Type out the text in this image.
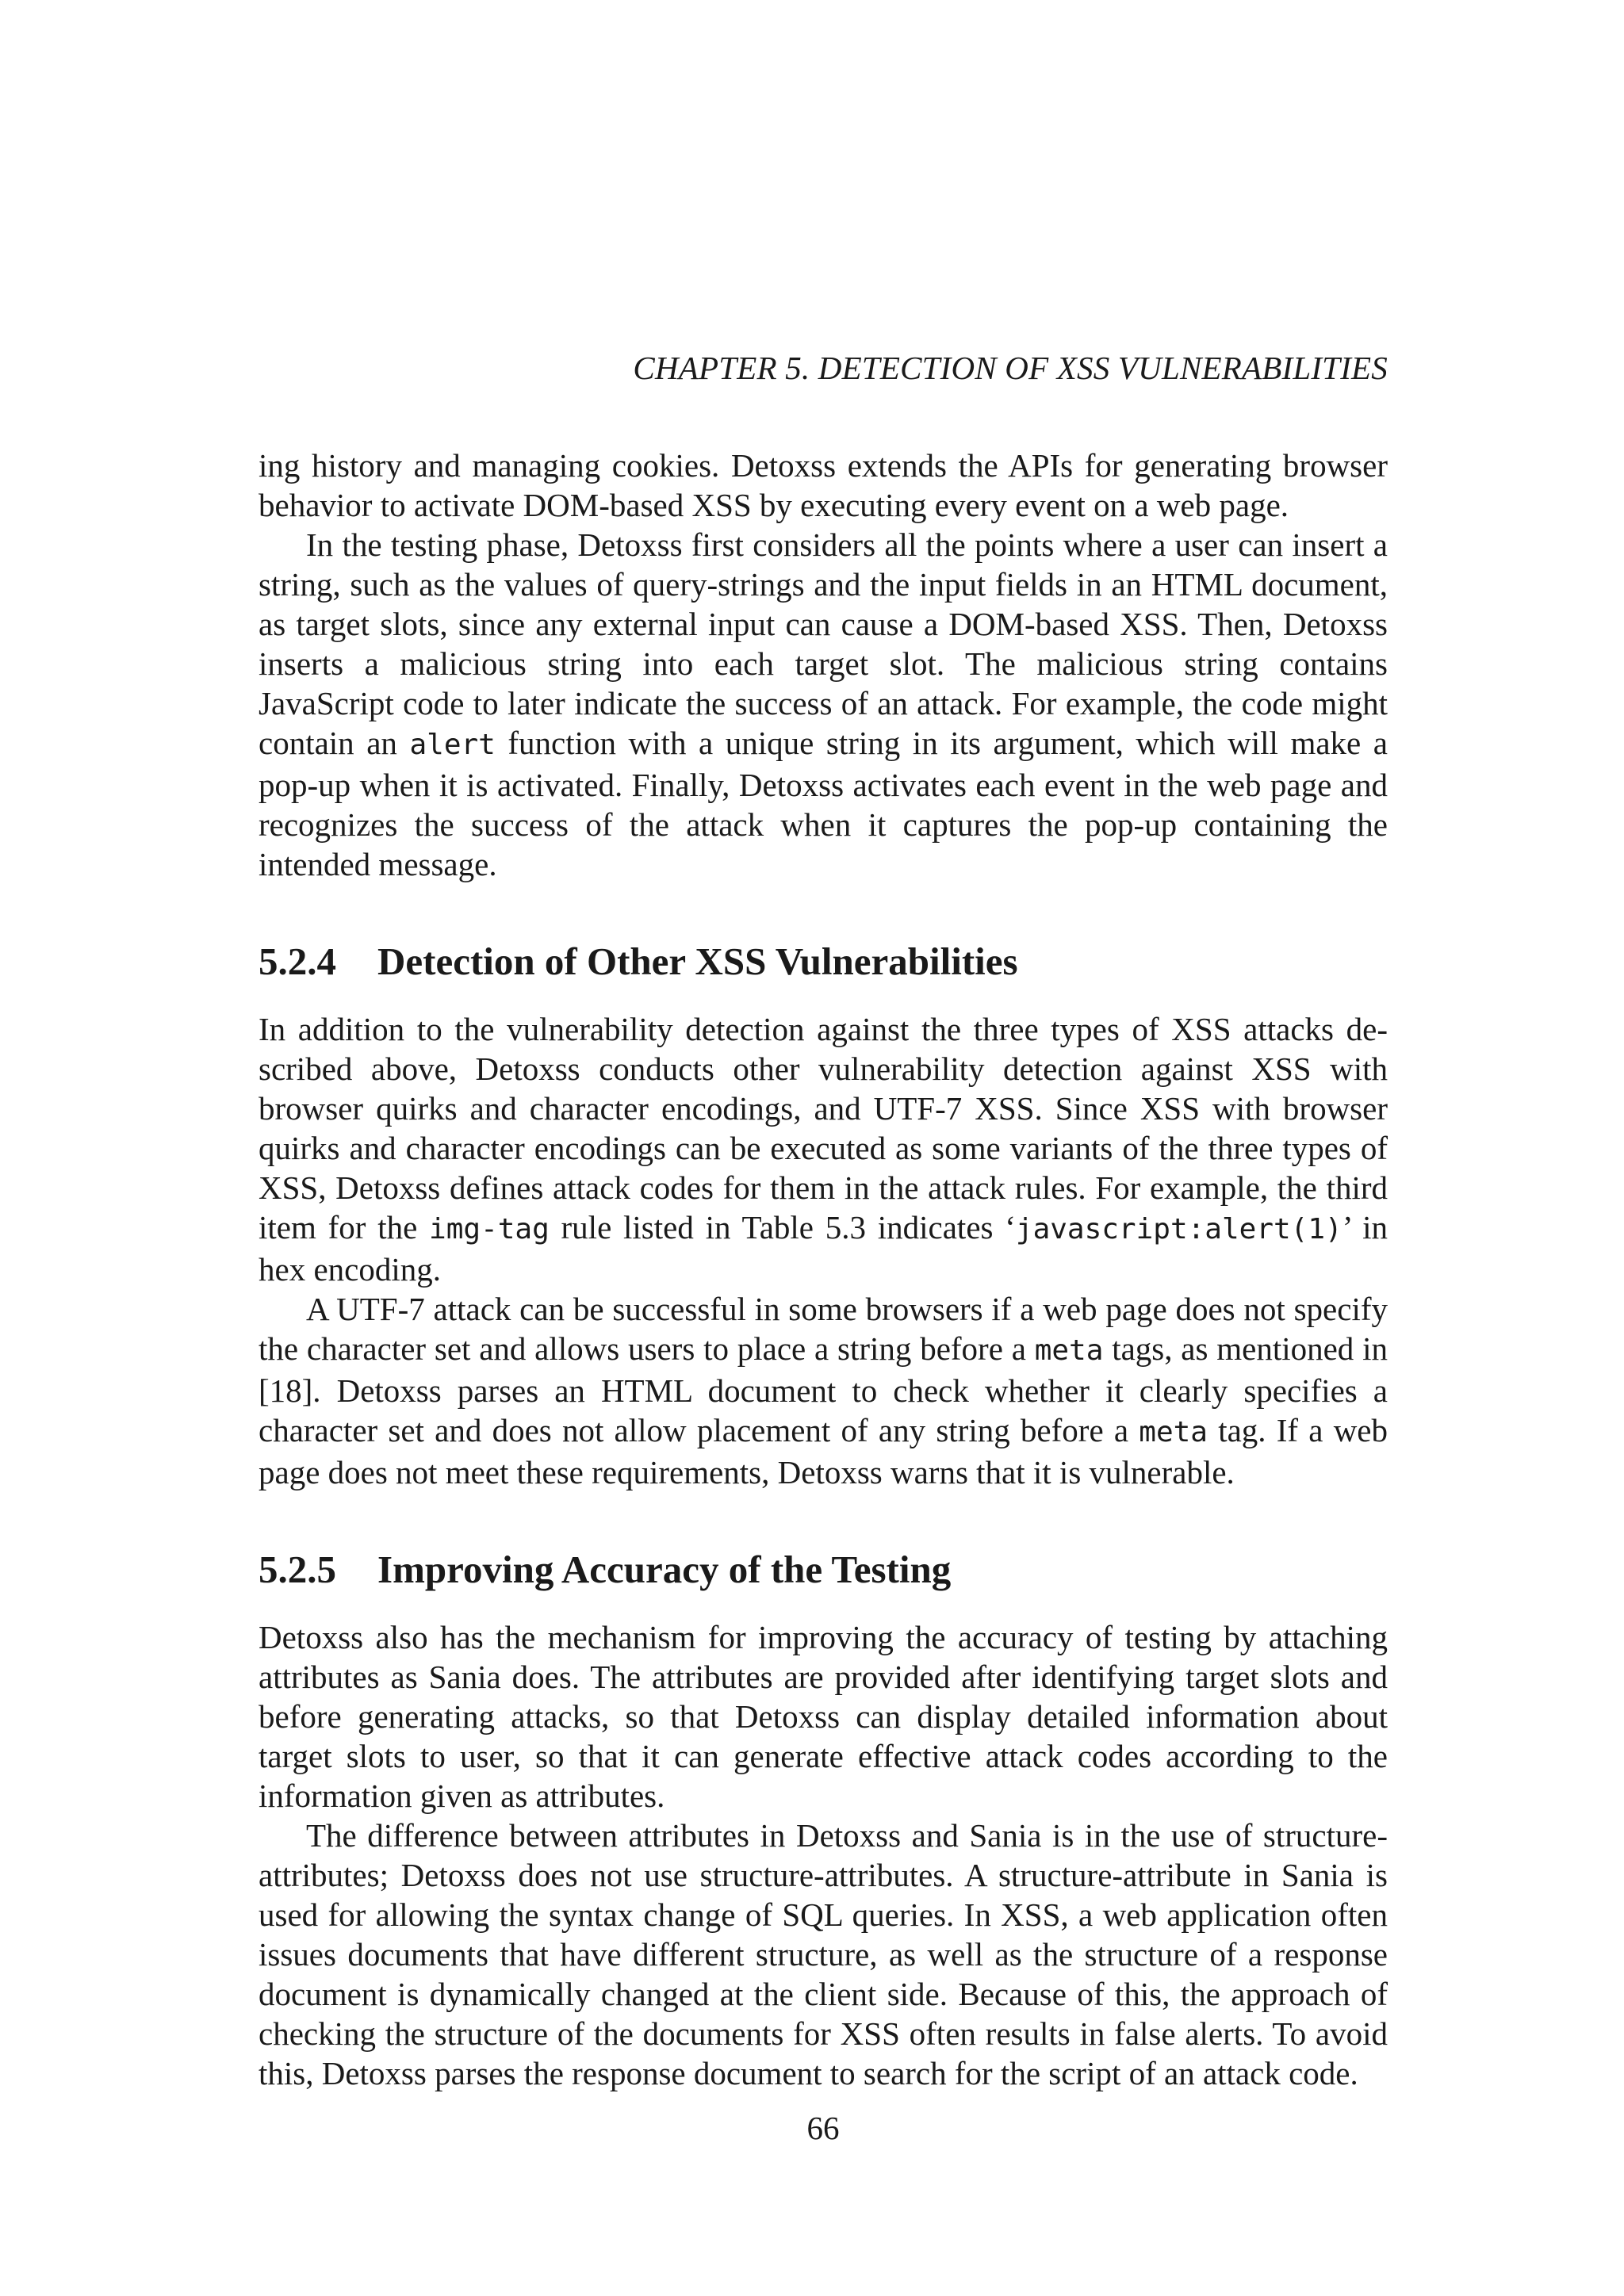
CHAPTER 5. DETECTION OF XSS VULNERABILITIES

ing history and managing cookies. Detoxss extends the APIs for generating browser behavior to activate DOM-based XSS by executing every event on a web page.

In the testing phase, Detoxss first considers all the points where a user can insert a string, such as the values of query-strings and the input fields in an HTML document, as target slots, since any external input can cause a DOM-based XSS. Then, Detoxss inserts a malicious string into each target slot. The malicious string contains JavaScript code to later indicate the success of an attack. For example, the code might contain an alert function with a unique string in its argument, which will make a pop-up when it is activated. Finally, Detoxss activates each event in the web page and recognizes the success of the attack when it captures the pop-up containing the intended message.

5.2.4 Detection of Other XSS Vulnerabilities

In addition to the vulnerability detection against the three types of XSS attacks described above, Detoxss conducts other vulnerability detection against XSS with browser quirks and character encodings, and UTF-7 XSS. Since XSS with browser quirks and character encodings can be executed as some variants of the three types of XSS, Detoxss defines attack codes for them in the attack rules. For example, the third item for the img-tag rule listed in Table 5.3 indicates ‘javascript:alert(1)’ in hex encoding.

A UTF-7 attack can be successful in some browsers if a web page does not specify the character set and allows users to place a string before a meta tags, as mentioned in [18]. Detoxss parses an HTML document to check whether it clearly specifies a character set and does not allow placement of any string before a meta tag. If a web page does not meet these requirements, Detoxss warns that it is vulnerable.

5.2.5 Improving Accuracy of the Testing

Detoxss also has the mechanism for improving the accuracy of testing by attaching attributes as Sania does. The attributes are provided after identifying target slots and before generating attacks, so that Detoxss can display detailed information about target slots to user, so that it can generate effective attack codes according to the information given as attributes.

The difference between attributes in Detoxss and Sania is in the use of structure-attributes; Detoxss does not use structure-attributes. A structure-attribute in Sania is used for allowing the syntax change of SQL queries. In XSS, a web application often issues documents that have different structure, as well as the structure of a response document is dynamically changed at the client side. Because of this, the approach of checking the structure of the documents for XSS often results in false alerts. To avoid this, Detoxss parses the response document to search for the script of an attack code.

66
